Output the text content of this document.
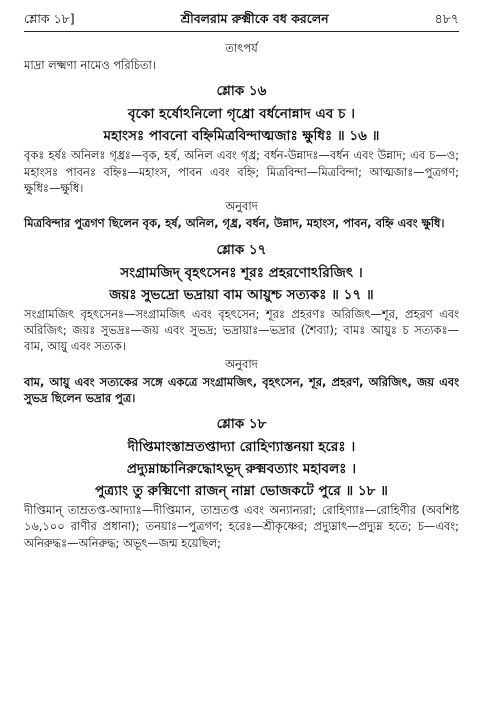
শ্লোক ১৮]	শ্রীবলরাম রুক্মীকে বধ করলেন	৪৮৭
তাৎপর্য

মাদ্রা লক্ষ্মণা নামেও পরিচিতা।

শ্লোক ১৬
বৃকো হর্ষোঽনিলো গৃধ্রো বর্ধনোন্নাদ এব চ ।
মহাংসঃ পাবনো বহ্নিমিত্রবিন্দাত্মজাঃ ক্ষুধিঃ ॥ ১৬ ॥

বৃকঃ হর্ষঃ অনিলঃ গৃধ্রঃ—বৃক, হর্ষ, অনিল এবং গৃধ্র; বর্ধন-উন্নাদঃ—বর্ধন এবং উন্নাদ; এব চ—ও; মহাংসঃ পাবনঃ বহ্নিঃ—মহাংস, পাবন এবং বহ্নি; মিত্রবিন্দা—মিত্রবিন্দা; আত্মজাঃ—পুত্রগণ; ক্ষুধিঃ—ক্ষুধি।

অনুবাদ

মিত্রবিন্দার পুত্রগণ ছিলেন বৃক, হর্ষ, অনিল, গৃধ্র, বর্ধন, উন্নাদ, মহাংস, পাবন, বহ্নি এবং ক্ষুধি।

শ্লোক ১৭
সংগ্রামজিদ্ বৃহৎসেনঃ শূরঃ প্রহরণোঽরিজিৎ ।
জয়ঃ সুভদ্রো ভদ্রায়া বাম আয়ুশ্চ সত্যকঃ ॥ ১৭ ॥

সংগ্রামজিৎ বৃহৎসেনঃ—সংগ্রামজিৎ এবং বৃহৎসেন; শূরঃ প্রহরণঃ অরিজিৎ—শূর, প্রহরণ এবং অরিজিৎ; জয়ঃ সুভদ্রঃ—জয় এবং সুভদ্র; ভদ্রায়াঃ—ভদ্রার (শৈব্যা); বামঃ আয়ুঃ চ সত্যকঃ—বাম, আয়ু এবং সত্যক।

অনুবাদ

বাম, আয়ু এবং সত্যকের সঙ্গে একত্রে সংগ্রামজিৎ, বৃহৎসেন, শূর, প্রহরণ, অরিজিৎ, জয় এবং সুভদ্র ছিলেন ভদ্রার পুত্র।

শ্লোক ১৮
দীপ্তিমাংস্তাম্রতপ্তাদ্যা রোহিণ্যাস্তনয়া হরেঃ ।
প্রদ্যুম্নাচ্চানিরুদ্ধোঽভূদ্ রুক্মবত্যাং মহাবলঃ ।
পুত্র্যাং তু রুক্মিণো রাজন্ নাম্না ভোজকটে পুরে ॥ ১৮ ॥

দীপ্তিমান্ তাম্রতপ্ত-আদ্যাঃ—দীপ্তিমান, তাম্রতপ্ত এবং অন্যান্যরা; রোহিণ্যাঃ—রোহিণীর (অবশিষ্ট ১৬,১০০ রাণীর প্রধানা); তনয়াঃ—পুত্রগণ; হরেঃ—শ্রীকৃষ্ণের; প্রদ্যুম্নাৎ—প্রদ্যুম্ন হতে; চ—এবং; অনিরুদ্ধঃ—অনিরুদ্ধ; অভূৎ—জন্ম হয়েছিল;
